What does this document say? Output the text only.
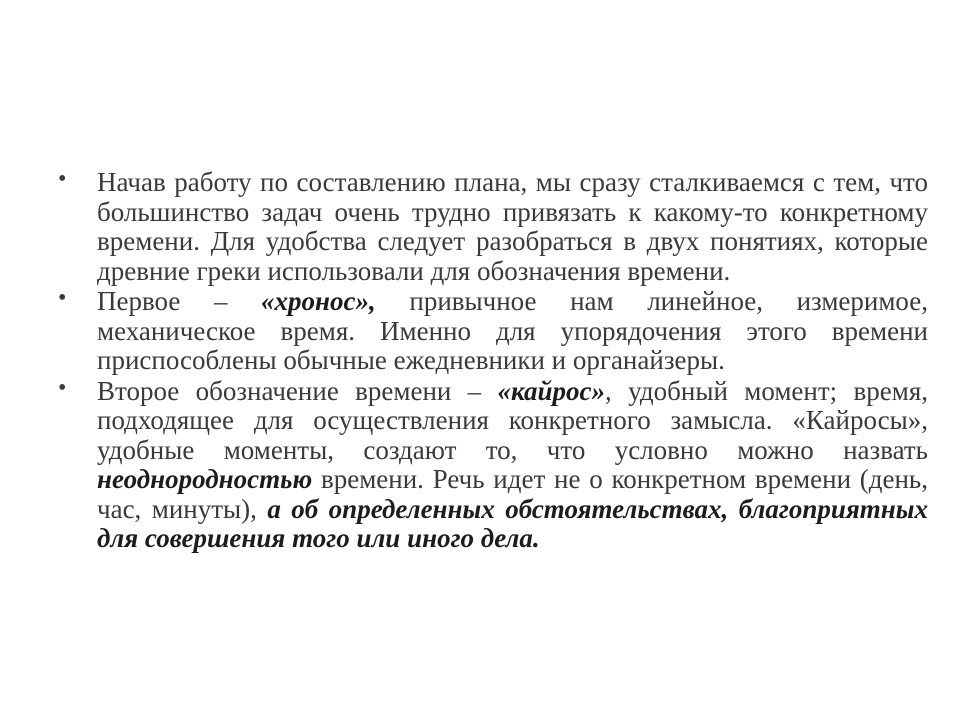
• Начав работу по составлению плана, мы сразу сталкиваемся с тем, что большинство задач очень трудно привязать к какому-то конкретному времени. Для удобства следует разобраться в двух понятиях, которые древние греки использовали для обозначения времени.
• Первое – «хронос», привычное нам линейное, измеримое, механическое время. Именно для упорядочения этого времени приспособлены обычные ежедневники и органайзеры.
• Второе обозначение времени – «кайрос», удобный момент; время, подходящее для осуществления конкретного замысла. «Кайросы», удобные моменты, создают то, что условно можно назвать неоднородностью времени. Речь идет не о конкретном времени (день, час, минуты), а об определенных обстоятельствах, благоприятных для совершения того или иного дела.
